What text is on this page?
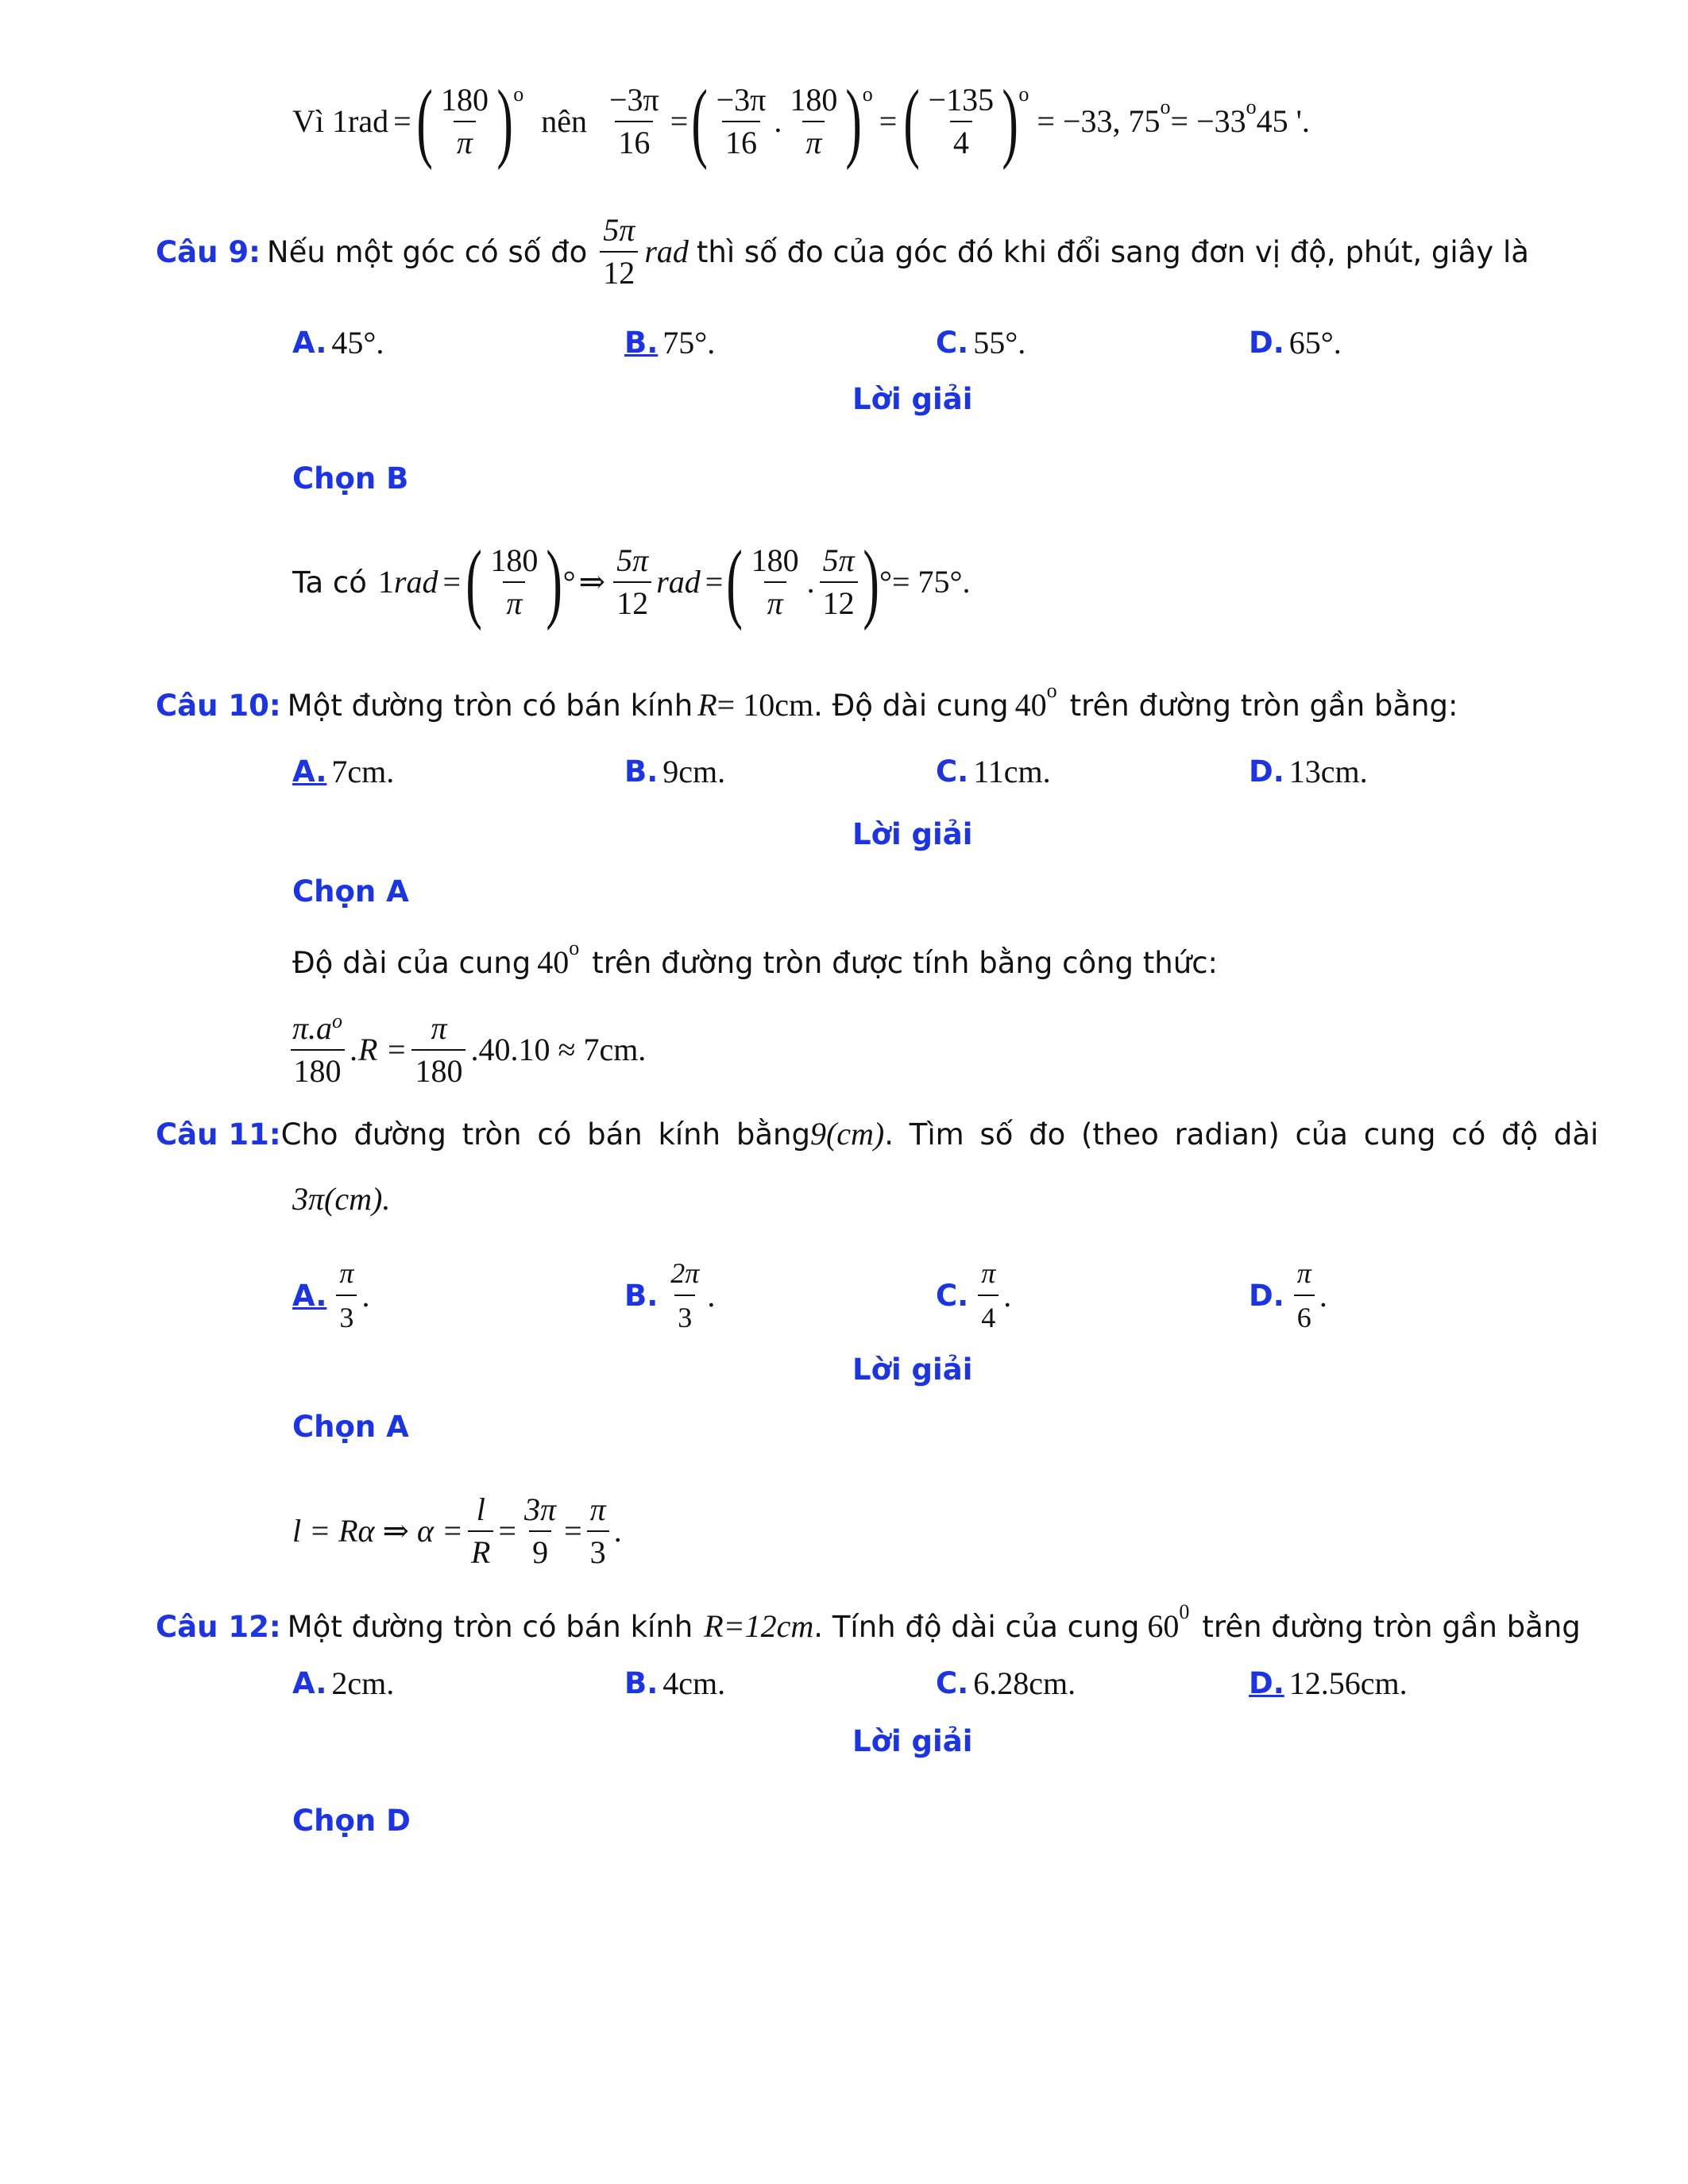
Vì 1rad = ( $\frac{180}{\pi}$ ) o
nên $\frac{-3\pi}{16}$ = ( $\frac{-3\pi}{16}$ . $\frac{180}{\pi}$ ) o
= ( $\frac{-135}{4}$ ) o
= −33, 75 o = −33 o 45 '.
Câu 9: Nếu một góc có số đo $\frac{5\pi}{12}$ rad thì số đo của góc đó khi đổi sang đơn vị độ, phút, giây là
A. 45°.	B. 75°.	C. 55°.	D. 65°.
Lời giải
Chọn B
Ta có 1 rad = ( $\frac{180}{\pi}$ ) ° ⇒ $\frac{5\pi}{12}$ rad = ( $\frac{180}{\pi}$ . $\frac{5\pi}{12}$ ) °= 75°.
Câu 10: Một đường tròn có bán kính R = 10cm . Độ dài cung 40 o trên đường tròn gần bằng:
A. 7cm.	B. 9cm.	C. 11cm.	D. 13cm.
Lời giải
Chọn A
Độ dài của cung 40 o trên đường tròn được tính bằng công thức:
$\frac{\pi.a^o}{180} .R = \frac{\pi}{180} .40.10 \approx 7cm$.
Câu 11: Cho đường tròn có bán kính bằng 9(cm) . Tìm số đo (theo radian) của cung có độ dài
3π(cm).
A. $\frac{\pi}{3}$ .	B. $\frac{2\pi}{3}$ .	C. $\frac{\pi}{4}$ .	D. $\frac{\pi}{6}$ .
Lời giải
Chọn A
l = Rα ⇒ $\alpha = \frac{l}{R} = \frac{3\pi}{9} = \frac{\pi}{3}$ .
Câu 12: Một đường tròn có bán kính R=12cm . Tính độ dài của cung 60 0 trên đường tròn gần bằng
A. 2cm.	B. 4cm.	C. 6.28cm.	D. 12.56cm.
Lời giải
Chọn D
